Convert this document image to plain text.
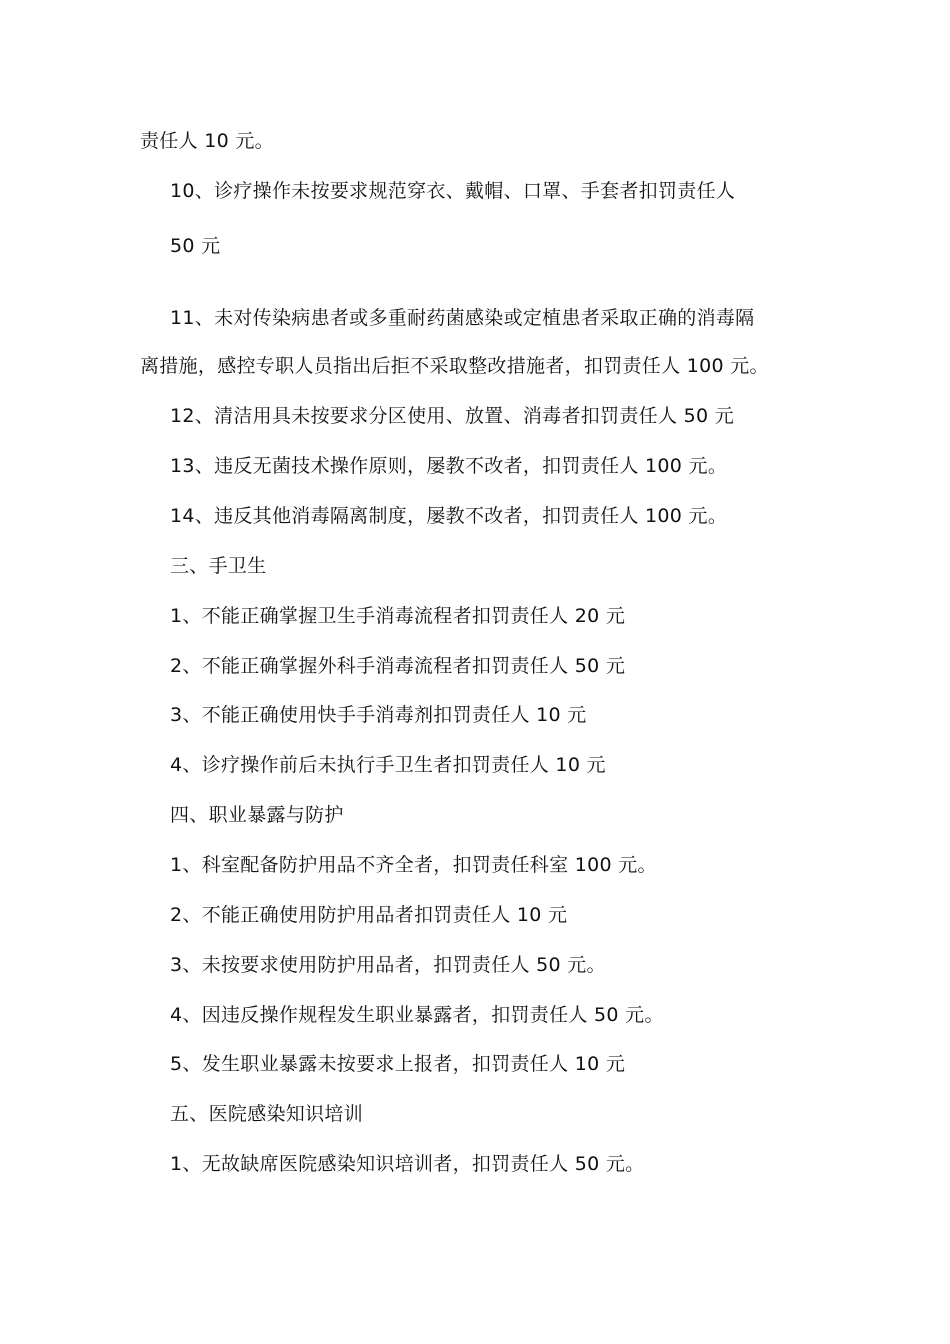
责任人 10 元。
10、诊疗操作未按要求规范穿衣、戴帽、口罩、手套者扣罚责任人
50 元
11、未对传染病患者或多重耐药菌感染或定植患者采取正确的消毒隔
离措施，感控专职人员指出后拒不采取整改措施者，扣罚责任人 100 元。
12、清洁用具未按要求分区使用、放置、消毒者扣罚责任人 50 元
13、违反无菌技术操作原则，屡教不改者，扣罚责任人 100 元。
14、违反其他消毒隔离制度，屡教不改者，扣罚责任人 100 元。
三、手卫生
1、不能正确掌握卫生手消毒流程者扣罚责任人 20 元
2、不能正确掌握外科手消毒流程者扣罚责任人 50 元
3、不能正确使用快手手消毒剂扣罚责任人 10 元
4、诊疗操作前后未执行手卫生者扣罚责任人 10 元
四、职业暴露与防护
1、科室配备防护用品不齐全者，扣罚责任科室 100 元。
2、不能正确使用防护用品者扣罚责任人 10 元
3、未按要求使用防护用品者，扣罚责任人 50 元。
4、因违反操作规程发生职业暴露者，扣罚责任人 50 元。
5、发生职业暴露未按要求上报者，扣罚责任人 10 元
五、医院感染知识培训
1、无故缺席医院感染知识培训者，扣罚责任人 50 元。
